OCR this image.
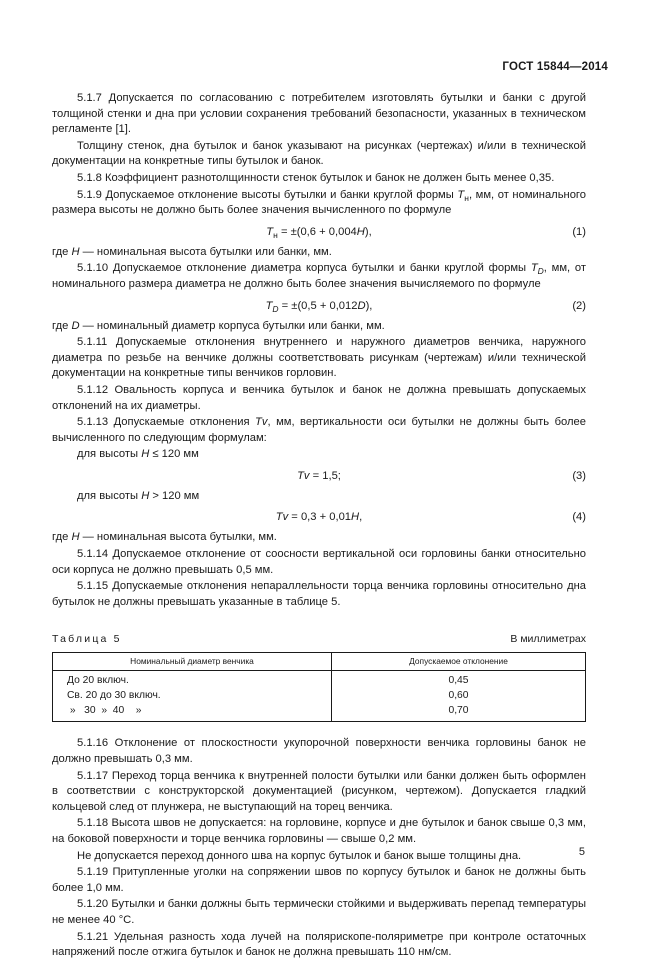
ГОСТ 15844—2014

5.1.7 Допускается по согласованию с потребителем изготовлять бутылки и банки с другой толщиной стенки и дна при условии сохранения требований безопасности, указанных в техническом регламенте [1].

Толщину стенок, дна бутылок и банок указывают на рисунках (чертежах) и/или в технической документации на конкретные типы бутылок и банок.

5.1.8 Коэффициент разнотолщинности стенок бутылок и банок не должен быть менее 0,35.

5.1.9 Допускаемое отклонение высоты бутылки и банки круглой формы $T_н$, мм, от номинального размера высоты не должно быть более значения вычисленного по формуле

$T_н = \pm(0,6 + 0,004H)$,	(1)

где H — номинальная высота бутылки или банки, мм.

5.1.10 Допускаемое отклонение диаметра корпуса бутылки и банки круглой формы $T_D$, мм, от номинального размера диаметра не должно быть более значения вычисляемого по формуле

$T_D = \pm(0,5 + 0,012D)$,	(2)

где D — номинальный диаметр корпуса бутылки или банки, мм.

5.1.11 Допускаемые отклонения внутреннего и наружного диаметров венчика, наружного диаметра по резьбе на венчике должны соответствовать рисункам (чертежам) и/или технической документации на конкретные типы венчиков горловин.

5.1.12 Овальность корпуса и венчика бутылок и банок не должна превышать допускаемых отклонений на их диаметры.

5.1.13 Допускаемые отклонения Tv, мм, вертикальности оси бутылки не должны быть более вычисленного по следующим формулам:

для высоты H ≤ 120 мм

Tv = 1,5;	(3)

для высоты H > 120 мм

Tv = 0,3 + 0,01H,	(4)

где H — номинальная высота бутылки, мм.

5.1.14 Допускаемое отклонение от соосности вертикальной оси горловины банки относительно оси корпуса не должно превышать 0,5 мм.

5.1.15 Допускаемые отклонения непараллельности торца венчика горловины относительно дна бутылок не должны превышать указанные в таблице 5.

Таблица 5	В миллиметрах
Номинальный диаметр венчика	Допускаемое отклонение
До 20 включ.	0,45
Св. 20 до 30 включ.	0,60
»   30  »  40    »	0,70

5.1.16 Отклонение от плоскостности укупорочной поверхности венчика горловины банок не должно превышать 0,3 мм.

5.1.17 Переход торца венчика к внутренней полости бутылки или банки должен быть оформлен в соответствии с конструкторской документацией (рисунком, чертежом). Допускается гладкий кольцевой след от плунжера, не выступающий на торец венчика.

5.1.18 Высота швов не допускается: на горловине, корпусе и дне бутылок и банок свыше 0,3 мм, на боковой поверхности и торце венчика горловины — свыше 0,2 мм.

Не допускается переход донного шва на корпус бутылок и банок выше толщины дна.

5.1.19 Притупленные уголки на сопряжении швов по корпусу бутылок и банок не должны быть более 1,0 мм.

5.1.20 Бутылки и банки должны быть термически стойкими и выдерживать перепад температуры не менее 40 °С.

5.1.21 Удельная разность хода лучей на полярископе-поляриметре при контроле остаточных напряжений после отжига бутылок и банок не должна превышать 110 нм/см.

5
